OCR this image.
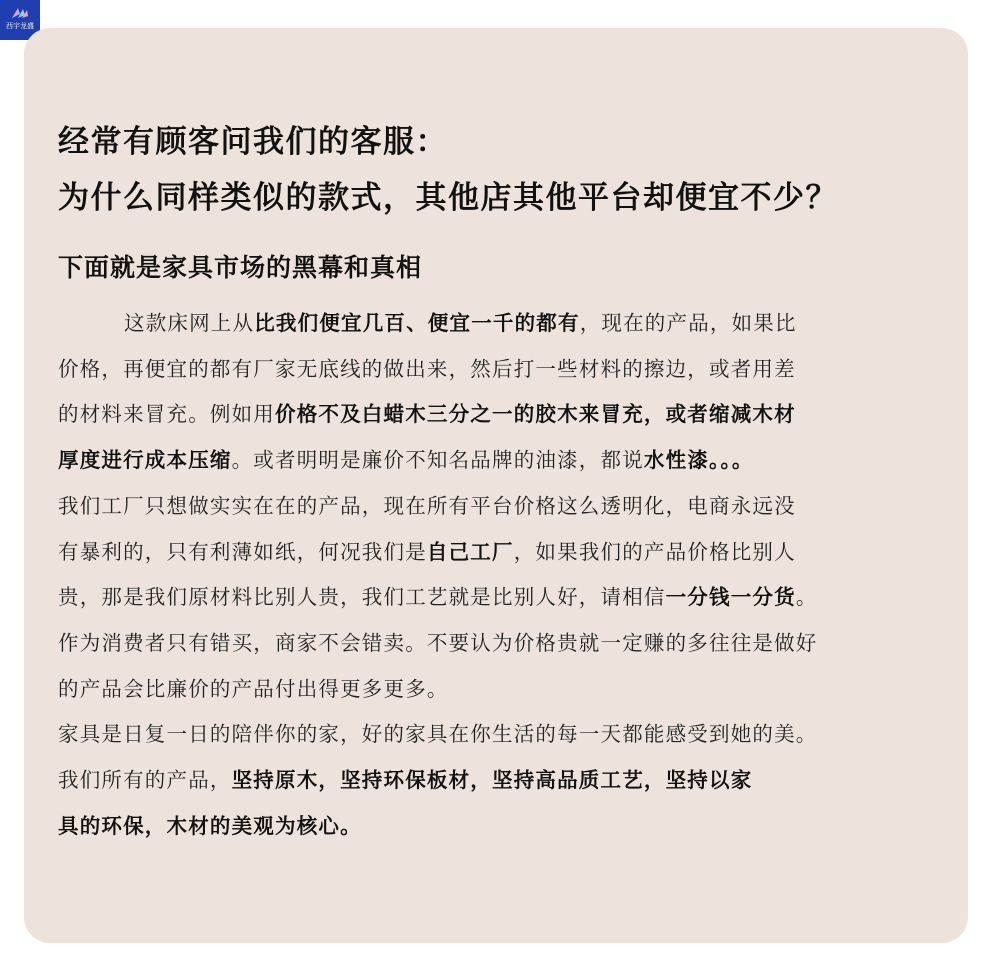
西宇龙盛
经常有顾客问我们的客服：
为什么同样类似的款式，其他店其他平台却便宜不少？
下面就是家具市场的黑幕和真相
这款床网上从比我们便宜几百、便宜一千的都有，现在的产品，如果比
价格，再便宜的都有厂家无底线的做出来，然后打一些材料的擦边，或者用差
的材料来冒充。例如用价格不及白蜡木三分之一的胶木来冒充，或者缩减木材
厚度进行成本压缩。或者明明是廉价不知名品牌的油漆，都说水性漆。。。
我们工厂只想做实实在在的产品，现在所有平台价格这么透明化，电商永远没
有暴利的，只有利薄如纸，何况我们是自己工厂，如果我们的产品价格比别人
贵，那是我们原材料比别人贵，我们工艺就是比别人好，请相信一分钱一分货。
作为消费者只有错买，商家不会错卖。不要认为价格贵就一定赚的多往往是做好
的产品会比廉价的产品付出得更多更多。
家具是日复一日的陪伴你的家，好的家具在你生活的每一天都能感受到她的美。
我们所有的产品，坚持原木，坚持环保板材，坚持高品质工艺，坚持以家
具的环保，木材的美观为核心。
